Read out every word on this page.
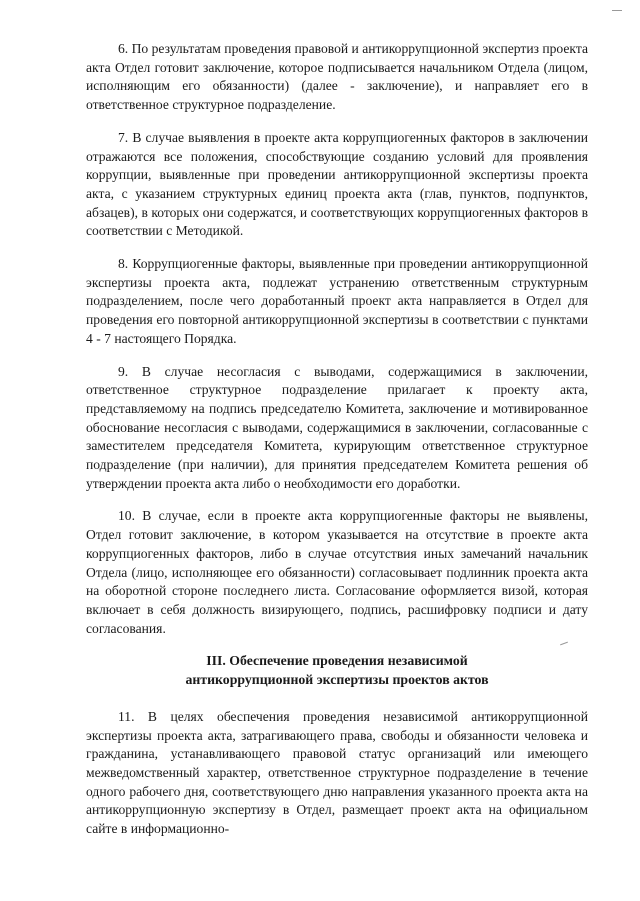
6. По результатам проведения правовой и антикоррупционной экспертиз проекта акта Отдел готовит заключение, которое подписывается начальником Отдела (лицом, исполняющим его обязанности) (далее - заключение), и направляет его в ответственное структурное подразделение.

7. В случае выявления в проекте акта коррупциогенных факторов в заключении отражаются все положения, способствующие созданию условий для проявления коррупции, выявленные при проведении антикоррупционной экспертизы проекта акта, с указанием структурных единиц проекта акта (глав, пунктов, подпунктов, абзацев), в которых они содержатся, и соответствующих коррупциогенных факторов в соответствии с Методикой.

8. Коррупциогенные факторы, выявленные при проведении антикоррупционной экспертизы проекта акта, подлежат устранению ответственным структурным подразделением, после чего доработанный проект акта направляется в Отдел для проведения его повторной антикоррупционной экспертизы в соответствии с пунктами 4 - 7 настоящего Порядка.

9. В случае несогласия с выводами, содержащимися в заключении, ответственное структурное подразделение прилагает к проекту акта, представляемому на подпись председателю Комитета, заключение и мотивированное обоснование несогласия с выводами, содержащимися в заключении, согласованные с заместителем председателя Комитета, курирующим ответственное структурное подразделение (при наличии), для принятия председателем Комитета решения об утверждении проекта акта либо о необходимости его доработки.

10. В случае, если в проекте акта коррупциогенные факторы не выявлены, Отдел готовит заключение, в котором указывается на отсутствие в проекте акта коррупциогенных факторов, либо в случае отсутствия иных замечаний начальник Отдела (лицо, исполняющее его обязанности) согласовывает подлинник проекта акта на оборотной стороне последнего листа. Согласование оформляется визой, которая включает в себя должность визирующего, подпись, расшифровку подписи и дату согласования.

III. Обеспечение проведения независимой
антикоррупционной экспертизы проектов актов

11. В целях обеспечения проведения независимой антикоррупционной экспертизы проекта акта, затрагивающего права, свободы и обязанности человека и гражданина, устанавливающего правовой статус организаций или имеющего межведомственный характер, ответственное структурное подразделение в течение одного рабочего дня, соответствующего дню направления указанного проекта акта на антикоррупционную экспертизу в Отдел, размещает проект акта на официальном сайте в информационно-
